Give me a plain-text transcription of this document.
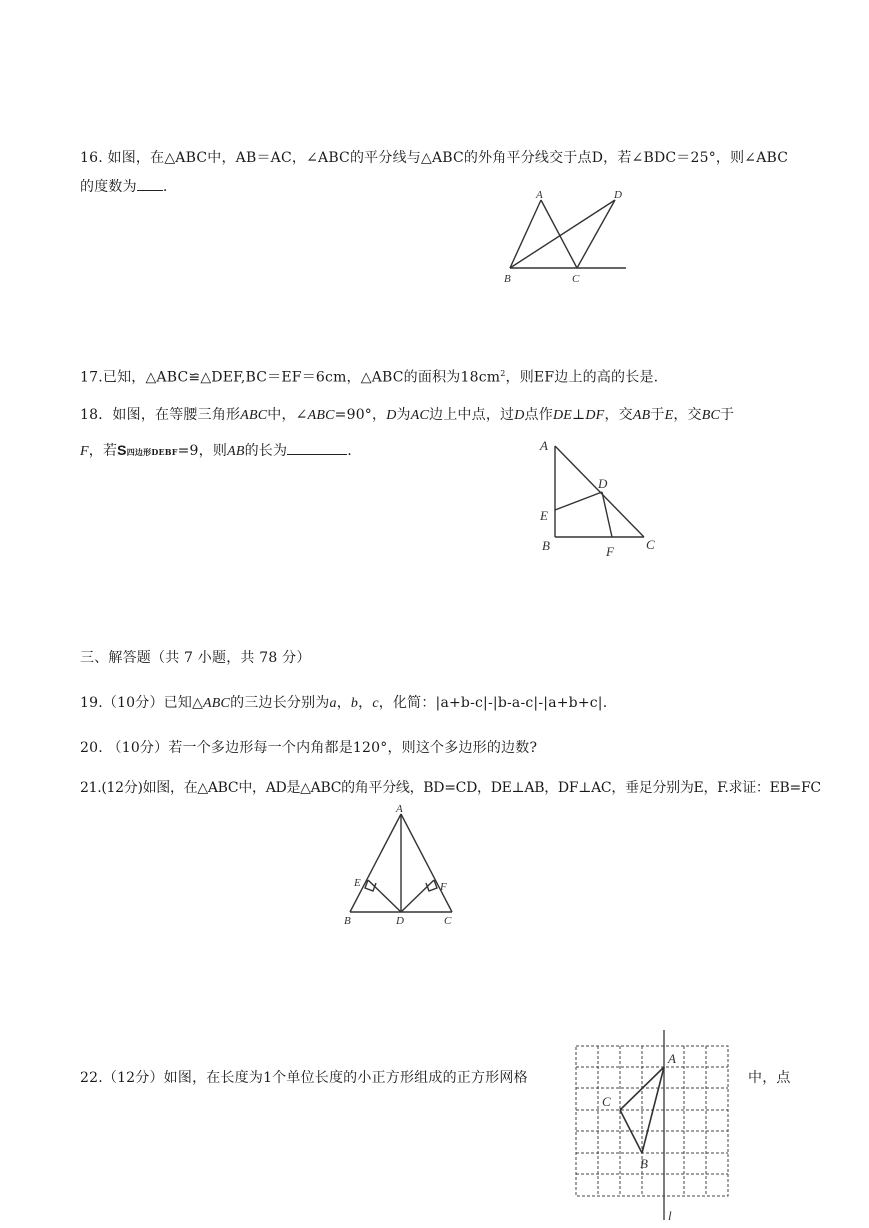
16. 如图，在△ABC中，AB＝AC，∠ABC的平分线与△ABC的外角平分线交于点D，若∠BDC＝25°，则∠ABC
的度数为 .	A	D
B	C
17.已知，△ABC≌△DEF,BC＝EF＝6cm，△ABC的面积为$18cm^2$，则EF边上的高的长是.
18．如图，在等腰三角形ABC中，∠ABC=90°，D为AC边上中点，过D点作DE⊥DF，交AB于E，交BC于
F，若S四边形DEBF=9，则AB的长为	.	A
D
E
B	F C
三、解答题（共 7 小题，共 78 分）
19.（10分）已知△ABC的三边长分别为a，b，c，化简：|a+b-c|-|b-a-c|-|a+b+c|.
20. （10分）若一个多边形每一个内角都是120°，则这个多边形的边数?
21.(12分)如图，在△ABC中，AD是△ABC的角平分线，BD=CD，DE⊥AB，DF⊥AC，垂足分别为E，F.求证：EB=FC
A
E	F
B	D	C
22.（12分）如图，在长度为1个单位长度的小正方形组成的正方形网格	中，点
A
C
B
l
